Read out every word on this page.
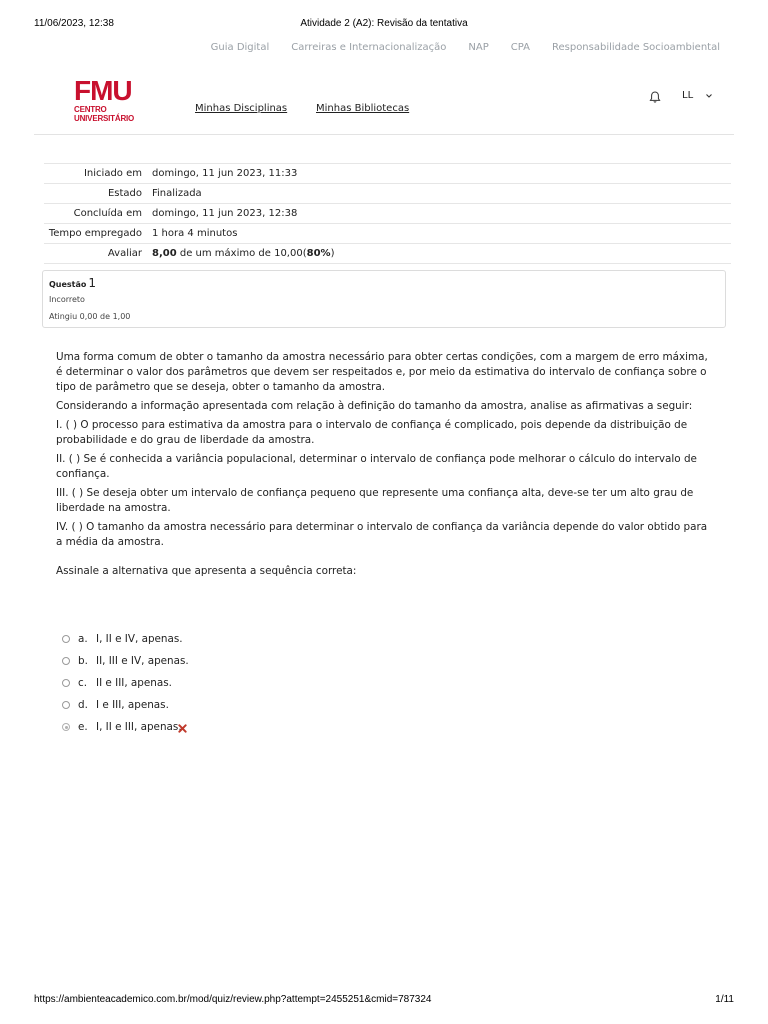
11/06/2023, 12:38	Atividade 2 (A2): Revisão da tentativa
Guia Digital Carreiras e Internacionalização NAP CPA Responsabilidade Socioambiental
FMU
CENTRO UNIVERSITÁRIO
Minhas Disciplinas	Minhas Bibliotecas
LL
Iniciado em	domingo, 11 jun 2023, 11:33
Estado	Finalizada
Concluída em	domingo, 11 jun 2023, 12:38
Tempo empregado	1 hora 4 minutos
Avaliar	8,00 de um máximo de 10,00(80%)
Questão 1
Incorreto
Atingiu 0,00 de 1,00

Uma forma comum de obter o tamanho da amostra necessário para obter certas condições, com a margem de erro máxima, é determinar o valor dos parâmetros que devem ser respeitados e, por meio da estimativa do intervalo de confiança sobre o tipo de parâmetro que se deseja, obter o tamanho da amostra.

Considerando a informação apresentada com relação à definição do tamanho da amostra, analise as afirmativas a seguir:

I. ( ) O processo para estimativa da amostra para o intervalo de confiança é complicado, pois depende da distribuição de probabilidade e do grau de liberdade da amostra.

II. ( ) Se é conhecida a variância populacional, determinar o intervalo de confiança pode melhorar o cálculo do intervalo de confiança.

III. ( ) Se deseja obter um intervalo de confiança pequeno que represente uma confiança alta, deve-se ter um alto grau de liberdade na amostra.

IV. ( ) O tamanho da amostra necessário para determinar o intervalo de confiança da variância depende do valor obtido para a média da amostra.

Assinale a alternativa que apresenta a sequência correta:

a. I, II e IV, apenas.
b. II, III e IV, apenas.
c. II e III, apenas.
d. I e III, apenas.
e. I, II e III, apenas.
https://ambienteacademico.com.br/mod/quiz/review.php?attempt=2455251&cmid=787324	1/11
